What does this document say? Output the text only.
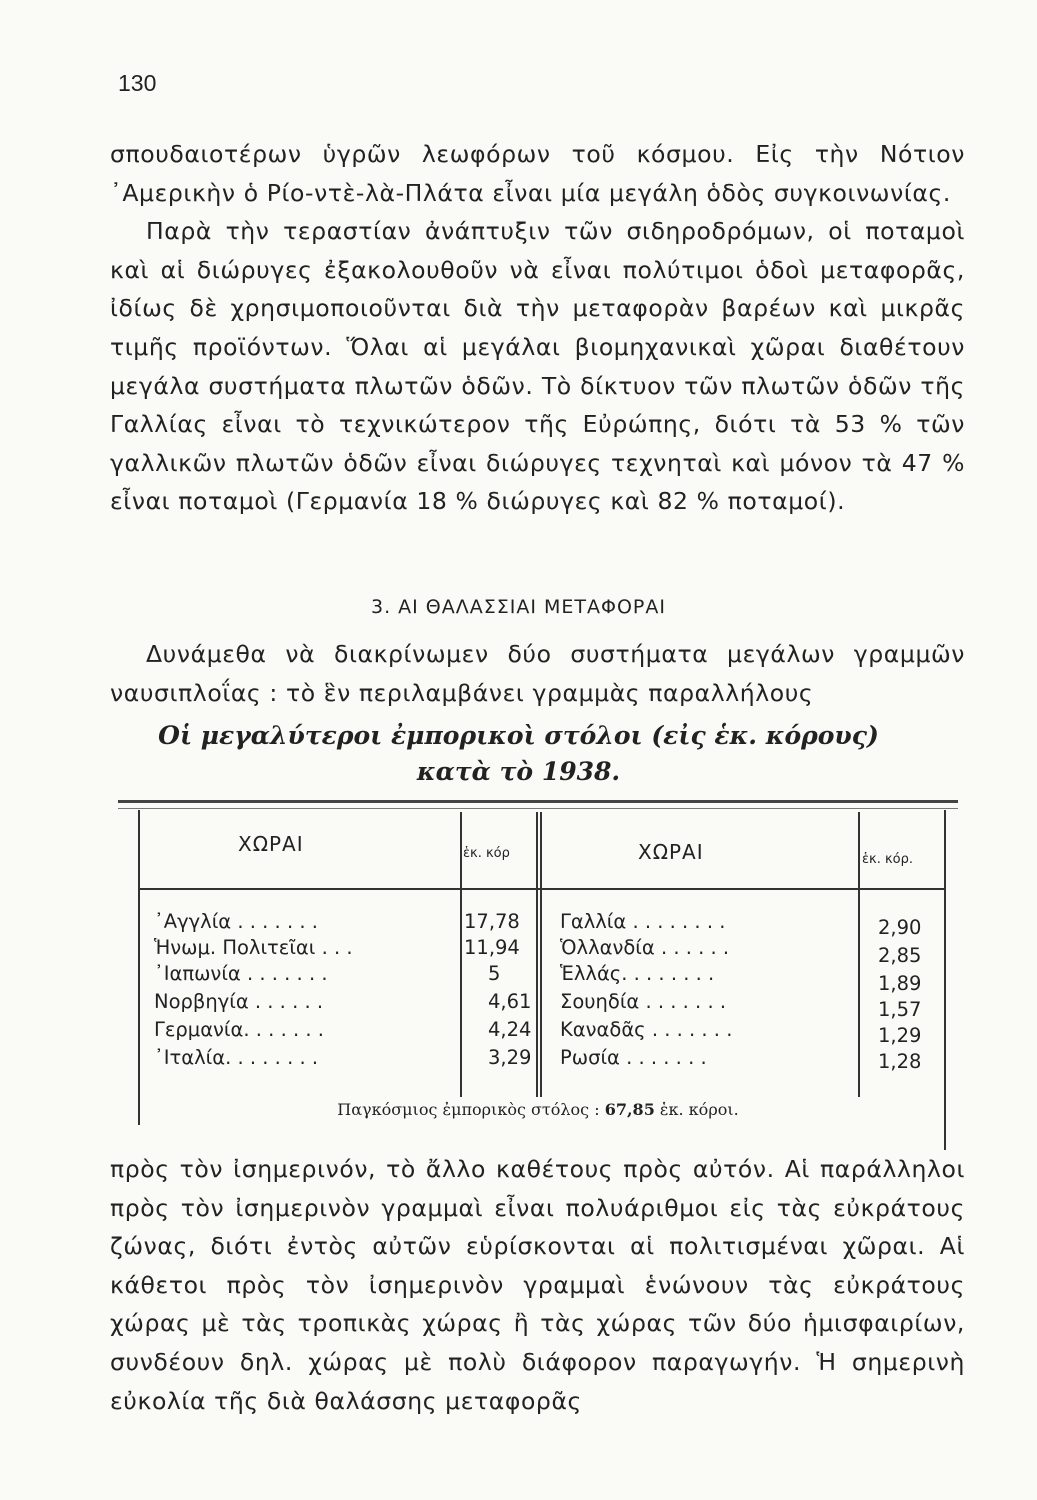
130

σπουδαιοτέρων ὑγρῶν λεωφόρων τοῦ κόσμου. Εἰς τὴν Νότιον ᾿Αμερικὴν ὁ Ρίο-ντὲ-λὰ-Πλάτα εἶναι μία μεγάλη ὁδὸς συγκοινωνίας.

Παρὰ τὴν τεραστίαν ἀνάπτυξιν τῶν σιδηροδρόμων, οἱ ποταμοὶ καὶ αἱ διώρυγες ἐξακολουθοῦν νὰ εἶναι πολύτιμοι ὁδοὶ μεταφορᾶς, ἰδίως δὲ χρησιμοποιοῦνται διὰ τὴν μεταφορὰν βαρέων καὶ μικρᾶς τιμῆς προϊόντων. Ὅλαι αἱ μεγάλαι βιομηχανικαὶ χῶραι διαθέτουν μεγάλα συστήματα πλωτῶν ὁδῶν. Τὸ δίκτυον τῶν πλωτῶν ὁδῶν τῆς Γαλλίας εἶναι τὸ τεχνικώτερον τῆς Εὐρώπης, διότι τὰ 53 % τῶν γαλλικῶν πλωτῶν ὁδῶν εἶναι διώρυγες τεχνηταὶ καὶ μόνον τὰ 47 % εἶναι ποταμοὶ (Γερμανία 18 % διώρυγες καὶ 82 % ποταμοί).

3. ΑΙ ΘΑΛΑΣΣΙΑΙ ΜΕΤΑΦΟΡΑΙ

Δυνάμεθα νὰ διακρίνωμεν δύο συστήματα μεγάλων γραμμῶν ναυσιπλοΐας : τὸ ἓν περιλαμβάνει γραμμὰς παραλλήλους

Οἱ μεγαλύτεροι ἐμπορικοὶ στόλοι (εἰς ἑκ. κόρους)
κατὰ τὸ 1938.
ΧΩΡΑΙ	ἑκ. κόρ	ΧΩΡΑΙ	ἑκ. κόρ.
᾿Αγγλία . . . . . . .	17,78 Γαλλία . . . . . . . .	2,90
Ἡνωμ. Πολιτεῖαι . . .	11,94 Ὁλλανδία . . . . . .	2,85
᾿Ιαπωνία . . . . . . .	5	Ἑλλάς. . . . . . . .	1,89
Νορβηγία . . . . . .	4,61 Σουηδία . . . . . . .	1,57
Γερμανία. . . . . . .	4,24 Καναδᾶς . . . . . . .	1,29
᾿Ιταλία. . . . . . . .	3,29 Ρωσία . . . . . . .	1,28
Παγκόσμιος ἐμπορικὸς στόλος : 67,85 ἑκ. κόροι.

πρὸς τὸν ἰσημερινόν, τὸ ἄλλο καθέτους πρὸς αὐτόν. Αἱ παράλληλοι πρὸς τὸν ἰσημερινὸν γραμμαὶ εἶναι πολυάριθμοι εἰς τὰς εὐκράτους ζώνας, διότι ἐντὸς αὐτῶν εὑρίσκονται αἱ πολιτισμέναι χῶραι. Αἱ κάθετοι πρὸς τὸν ἰσημερινὸν γραμμαὶ ἑνώνουν τὰς εὐκράτους χώρας μὲ τὰς τροπικὰς χώρας ἢ τὰς χώρας τῶν δύο ἡμισφαιρίων, συνδέουν δηλ. χώρας μὲ πολὺ διάφορον παραγωγήν. Ἡ σημερινὴ εὐκολία τῆς διὰ θαλάσσης μεταφορᾶς
